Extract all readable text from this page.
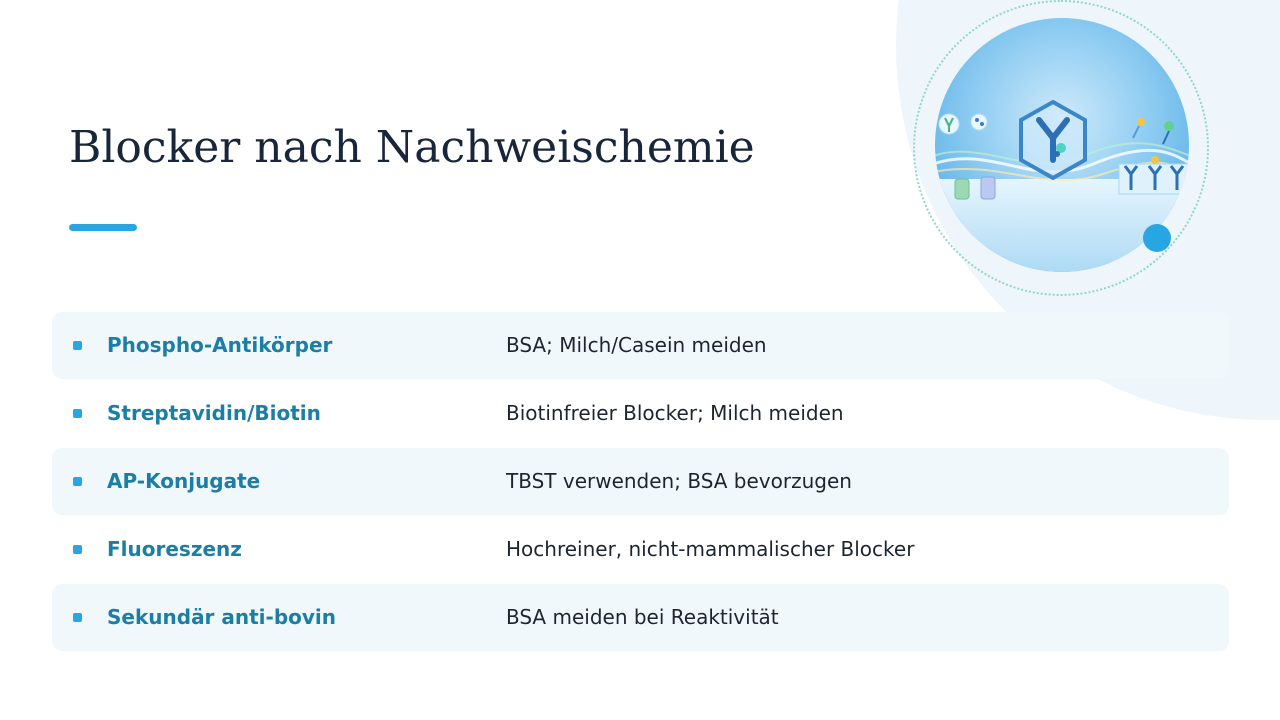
Blocker nach Nachweischemie
Phospho-Antikörper	BSA; Milch/Casein meiden
Streptavidin/Biotin	Biotinfreier Blocker; Milch meiden
AP-Konjugate	TBST verwenden; BSA bevorzugen
Fluoreszenz	Hochreiner, nicht-mammalischer Blocker
Sekundär anti-bovin	BSA meiden bei Reaktivität
